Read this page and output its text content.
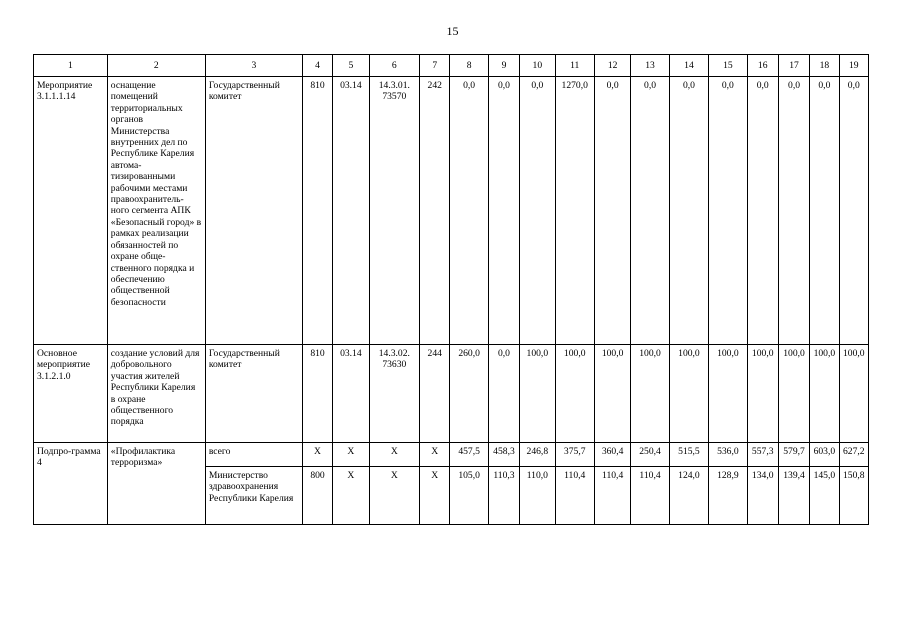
15
1	2	3	4	5	6	7	8	9	10	11	12	13	14	15	16	17	18	19
Мероприятие 3.1.1.1.14	оснащение помещений территориальных органов Министерства внутренних дел по Республике Карелия автома-тизированными рабочими местами правоохранитель-ного сегмента АПК «Безопасный город» в рамках реализации обязанностей по охране обще-ственного порядка и обеспечению общественной безопасности	Государственный комитет	810	03.14	14.3.01. 73570	242	0,0	0,0	0,0	1270,0	0,0	0,0	0,0	0,0	0,0	0,0	0,0	0,0
Основное мероприятие 3.1.2.1.0	создание условий для добровольного участия жителей Республики Карелия в охране общественного порядка	Государственный комитет	810	03.14	14.3.02. 73630	244	260,0	0,0	100,0	100,0	100,0	100,0	100,0	100,0	100,0	100,0	100,0	100,0
Подпро-грамма 4	«Профилактика терроризма»	всего	X	X	X	X	457,5	458,3	246,8	375,7	360,4	250,4	515,5	536,0	557,3	579,7	603,0	627,2
		Министерство здравоохранения Республики Карелия	800	X	X	X	105,0	110,3	110,0	110,4	110,4	110,4	124,0	128,9	134,0	139,4	145,0	150,8
